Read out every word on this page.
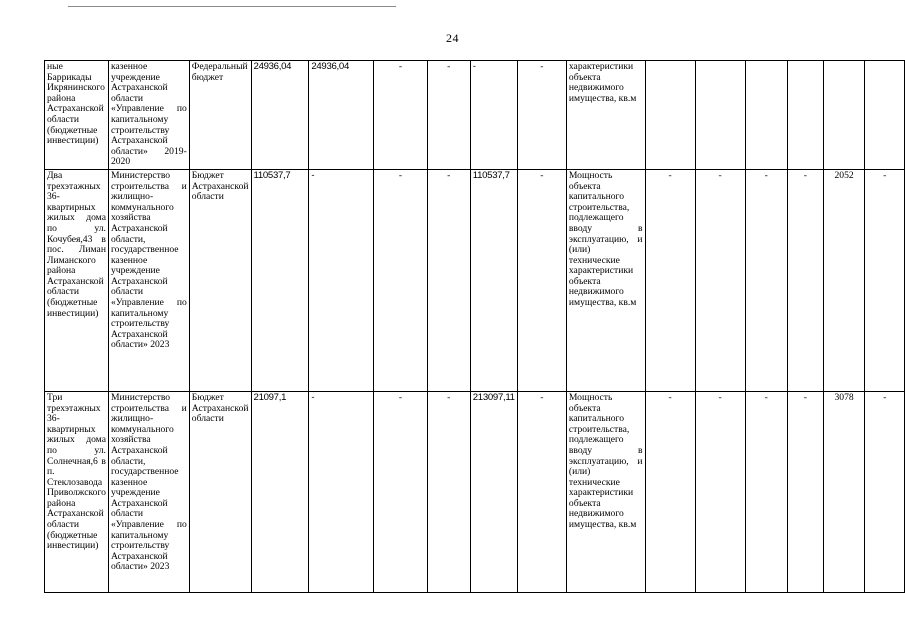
24
ные Баррикады Икрянинского района Астраханской области (бюджетные инвестиции)	казенное учреждение Астраханской области «Управление по капитальному строительству Астраханской области» 2019-2020	Федеральный бюджет	24936,04	24936,04	-	-	-	-	характеристики объекта недвижимого имущества, кв.м						

Два трехэтажных 36-квартирных жилых дома по ул. Кочубея,43 в пос. Лиман Лиманского района Астраханской области (бюджетные инвестиции)	Министерство строительства и жилищно-коммунального хозяйства Астраханской области, государственное казенное учреждение Астраханской области «Управление по капитальному строительству Астраханской области» 2023	Бюджет Астраханской области	110537,7	-	-	-	110537,7	-	Мощность объекта капитального строительства, подлежащего вводу в эксплуатацию, и (или) технические характеристики объекта недвижимого имущества, кв.м	-	-	-	-	2052	-

Три трехэтажных 36-квартирных жилых дома по ул. Солнечная,6 в п. Стеклозавода Приволжского района Астраханской области (бюджетные инвестиции)	Министерство строительства и жилищно-коммунального хозяйства Астраханской области, государственное казенное учреждение Астраханской области «Управление по капитальному строительству Астраханской области» 2023	Бюджет Астраханской области	21097,1	-	-	-	213097,11	-	Мощность объекта капитального строительства, подлежащего вводу в эксплуатацию, и (или) технические характеристики объекта недвижимого имущества, кв.м	-	-	-	-	3078	-
